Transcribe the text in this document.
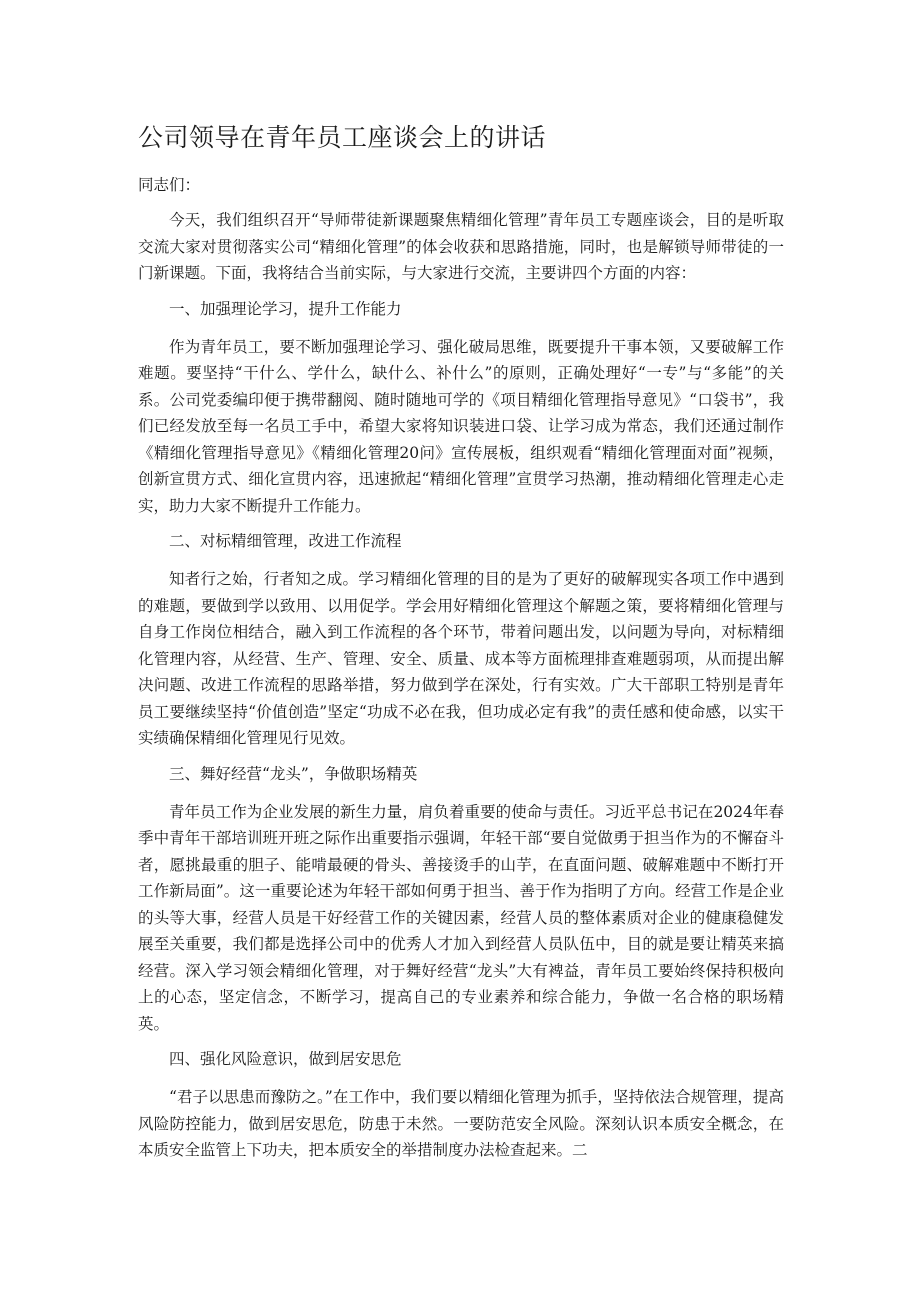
公司领导在青年员工座谈会上的讲话

同志们：

今天，我们组织召开“导师带徒新课题聚焦精细化管理”青年员工专题座谈会，目的是听取交流大家对贯彻落实公司“精细化管理”的体会收获和思路措施，同时，也是解锁导师带徒的一门新课题。下面，我将结合当前实际，与大家进行交流，主要讲四个方面的内容：

一、加强理论学习，提升工作能力

作为青年员工，要不断加强理论学习、强化破局思维，既要提升干事本领，又要破解工作难题。要坚持“干什么、学什么，缺什么、补什么”的原则，正确处理好“一专”与“多能”的关系。公司党委编印便于携带翻阅、随时随地可学的《项目精细化管理指导意见》“口袋书”，我们已经发放至每一名员工手中，希望大家将知识装进口袋、让学习成为常态，我们还通过制作《精细化管理指导意见》《精细化管理20问》宣传展板，组织观看“精细化管理面对面”视频，创新宣贯方式、细化宣贯内容，迅速掀起“精细化管理”宣贯学习热潮，推动精细化管理走心走实，助力大家不断提升工作能力。

二、对标精细管理，改进工作流程

知者行之始，行者知之成。学习精细化管理的目的是为了更好的破解现实各项工作中遇到的难题，要做到学以致用、以用促学。学会用好精细化管理这个解题之策，要将精细化管理与自身工作岗位相结合，融入到工作流程的各个环节，带着问题出发，以问题为导向，对标精细化管理内容，从经营、生产、管理、安全、质量、成本等方面梳理排查难题弱项，从而提出解决问题、改进工作流程的思路举措，努力做到学在深处，行有实效。广大干部职工特别是青年员工要继续坚持“价值创造”坚定“功成不必在我，但功成必定有我”的责任感和使命感，以实干实绩确保精细化管理见行见效。

三、舞好经营“龙头”，争做职场精英

青年员工作为企业发展的新生力量，肩负着重要的使命与责任。习近平总书记在2024年春季中青年干部培训班开班之际作出重要指示强调，年轻干部“要自觉做勇于担当作为的不懈奋斗者，愿挑最重的胆子、能啃最硬的骨头、善接烫手的山芋，在直面问题、破解难题中不断打开工作新局面”。这一重要论述为年轻干部如何勇于担当、善于作为指明了方向。经营工作是企业的头等大事，经营人员是干好经营工作的关键因素，经营人员的整体素质对企业的健康稳健发展至关重要，我们都是选择公司中的优秀人才加入到经营人员队伍中，目的就是要让精英来搞经营。深入学习领会精细化管理，对于舞好经营“龙头”大有裨益，青年员工要始终保持积极向上的心态，坚定信念，不断学习，提高自己的专业素养和综合能力，争做一名合格的职场精英。

四、强化风险意识，做到居安思危

“君子以思患而豫防之。”在工作中，我们要以精细化管理为抓手，坚持依法合规管理，提高风险防控能力，做到居安思危，防患于未然。一要防范安全风险。深刻认识本质安全概念，在本质安全监管上下功夫，把本质安全的举措制度办法检查起来。二
